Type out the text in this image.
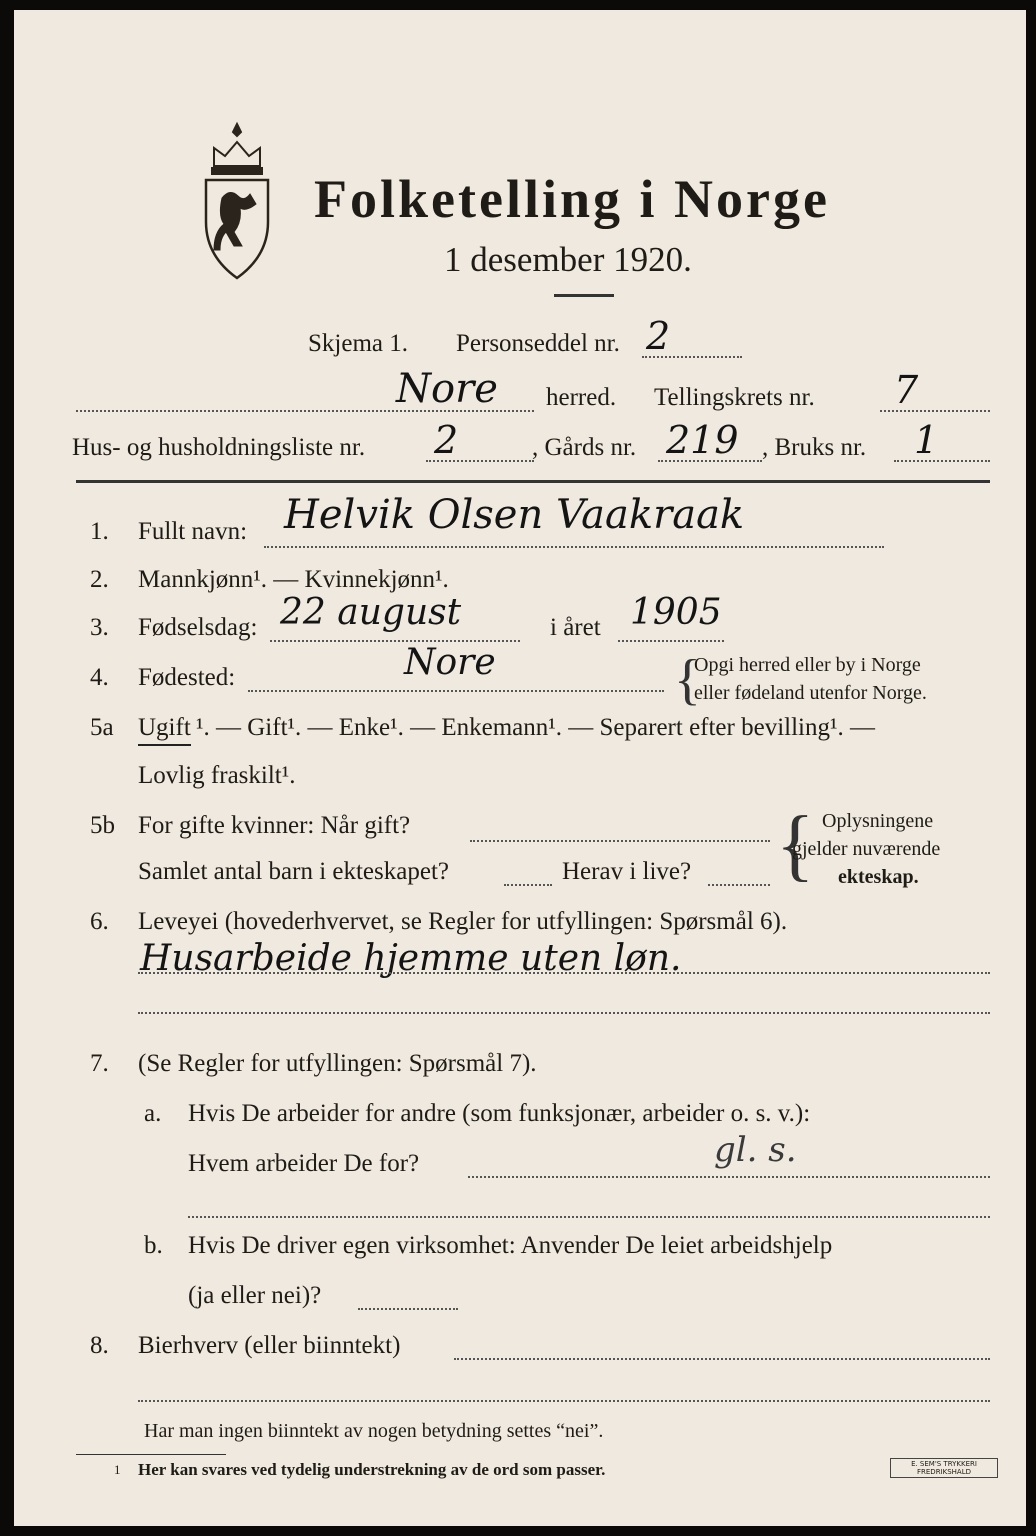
Folketelling i Norge
1 desember 1920.
Skjema 1. Personseddel nr. 2
Nore herred. Tellingskrets nr. 7
Hus- og husholdningsliste nr. 2	, Gårds nr. 219 , Bruks nr. 1
1.	Fullt navn: Helvik Olsen Vaakraak
2.	Mannkjønn¹. — Kvinnekjønn¹.
3.	Fødselsdag: 22 august	i året 1905
4.	Fødested:	Nore	{
Opgi herred eller by i Norge
eller fødeland utenfor Norge.
5a Ugift ¹. — Gift¹. — Enke¹. — Enkemann¹. — Separert efter bevilling¹. —
Lovlig fraskilt¹.
5b For gifte kvinner: Når gift?
Samlet antal barn i ekteskapet?	Herav i live? { Oplysningene
gjelder nuværende
ekteskap.
6.	Leveyei (hovederhvervet, se Regler for utfyllingen: Spørsmål 6).
Husarbeide hjemme uten løn.
7.	(Se Regler for utfyllingen: Spørsmål 7).
a. Hvis De arbeider for andre (som funksjonær, arbeider o. s. v.):
Hvem arbeider De for?	gl. s.
b. Hvis De driver egen virksomhet: Anvender De leiet arbeidshjelp
(ja eller nei)?
8.	Bierhverv (eller biinntekt)
Har man ingen biinntekt av nogen betydning settes “nei”.
1 Her kan svares ved tydelig understrekning av de ord som passer.	E. SEM'S TRYKKERI
FREDRIKSHALD
